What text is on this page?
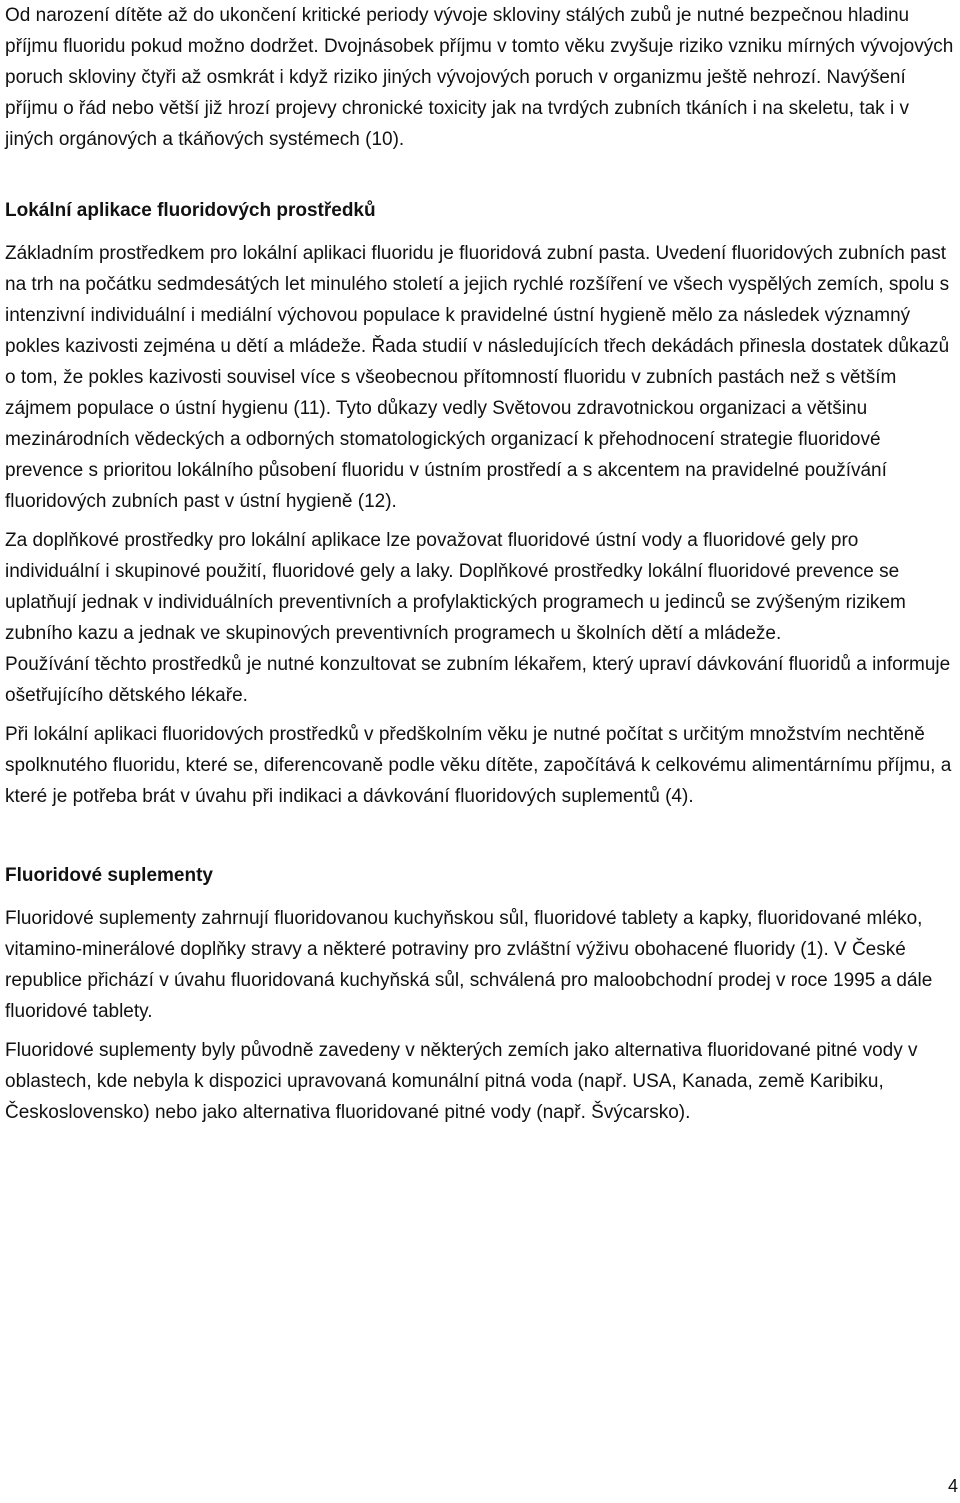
Od narození dítěte až do ukončení kritické periody vývoje skloviny stálých zubů je nutné bezpečnou hladinu příjmu fluoridu pokud možno dodržet. Dvojnásobek příjmu v tomto věku zvyšuje riziko vzniku mírných vývojových poruch skloviny čtyři až osmkrát i když riziko jiných vývojových poruch v organizmu ještě nehrozí. Navýšení příjmu o řád nebo větší již hrozí projevy chronické toxicity jak na tvrdých zubních tkáních i na skeletu, tak i v jiných orgánových a tkáňových systémech (10).

Lokální aplikace fluoridových prostředků

Základním prostředkem pro lokální aplikaci fluoridu je fluoridová zubní pasta. Uvedení fluoridových zubních past na trh na počátku sedmdesátých let minulého století a jejich rychlé rozšíření ve všech vyspělých zemích, spolu s intenzivní individuální i mediální výchovou populace k pravidelné ústní hygieně mělo za následek významný pokles kazivosti zejména u dětí a mládeže. Řada studií v následujících třech dekádách přinesla dostatek důkazů o tom, že pokles kazivosti souvisel více s všeobecnou přítomností fluoridu v zubních pastách než s větším zájmem populace o ústní hygienu (11). Tyto důkazy vedly Světovou zdravotnickou organizaci a většinu mezinárodních vědeckých a odborných stomatologických organizací k přehodnocení strategie fluoridové prevence s prioritou lokálního působení fluoridu v ústním prostředí a s akcentem na pravidelné používání fluoridových zubních past v ústní hygieně (12).

Za doplňkové prostředky pro lokální aplikace lze považovat fluoridové ústní vody a fluoridové gely pro individuální i skupinové použití, fluoridové gely a laky. Doplňkové prostředky lokální fluoridové prevence se uplatňují jednak v individuálních preventivních a profylaktických programech u jedinců se zvýšeným rizikem zubního kazu a jednak ve skupinových preventivních programech u školních dětí a mládeže.

Používání těchto prostředků je nutné konzultovat se zubním lékařem, který upraví dávkování fluoridů a informuje ošetřujícího dětského lékaře.

Při lokální aplikaci fluoridových prostředků v předškolním věku je nutné počítat s určitým množstvím nechtěně spolknutého fluoridu, které se, diferencovaně podle věku dítěte, započítává k celkovému alimentárnímu příjmu, a které je potřeba brát v úvahu při indikaci a dávkování fluoridových suplementů (4).

Fluoridové suplementy

Fluoridové suplementy zahrnují fluoridovanou kuchyňskou sůl, fluoridové tablety a kapky, fluoridované mléko, vitamino-minerálové doplňky stravy a některé potraviny pro zvláštní výživu obohacené fluoridy (1). V České republice přichází v úvahu fluoridovaná kuchyňská sůl, schválená pro maloobchodní prodej v roce 1995 a dále fluoridové tablety.

Fluoridové suplementy byly původně zavedeny v některých zemích jako alternativa fluoridované pitné vody v oblastech, kde nebyla k dispozici upravovaná komunální pitná voda (např. USA, Kanada, země Karibiku, Československo) nebo jako alternativa fluoridované pitné vody (např. Švýcarsko).

4
